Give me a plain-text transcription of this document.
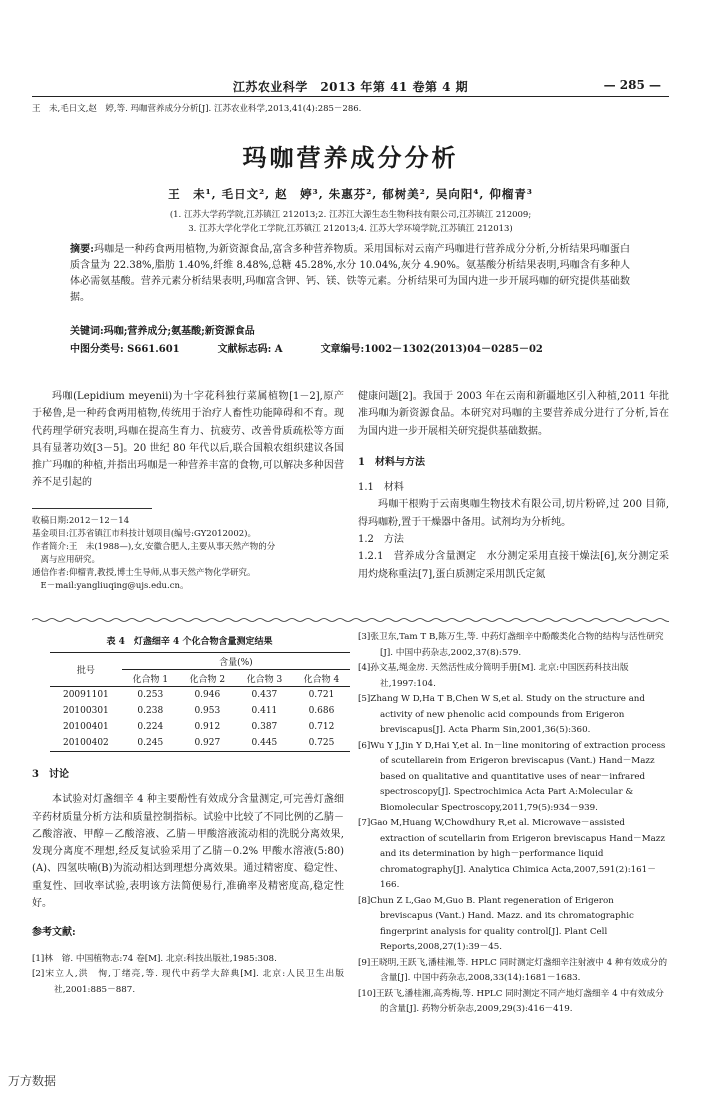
江苏农业科学　2013 年第 41 卷第 4 期	— 285 —
王　未,毛日文,赵　婷,等. 玛咖营养成分分析[J]. 江苏农业科学,2013,41(4):285－286.
玛咖营养成分分析
王　未¹, 毛日文², 赵　婷³, 朱惠芬², 郁树美², 吴向阳⁴, 仰榴青³
(1. 江苏大学药学院,江苏镇江 212013;2. 江苏江大源生态生物科技有限公司,江苏镇江 212009;
3. 江苏大学化学化工学院,江苏镇江 212013;4. 江苏大学环境学院,江苏镇江 212013)
摘要:玛咖是一种药食两用植物,为新资源食品,富含多种营养物质。采用国标对云南产玛咖进行营养成分分析,分析结果玛咖蛋白质含量为 22.38%,脂肪 1.40%,纤维 8.48%,总糖 45.28%,水分 10.04%,灰分 4.90%。氨基酸分析结果表明,玛咖含有多种人体必需氨基酸。营养元素分析结果表明,玛咖富含钾、钙、镁、铁等元素。分析结果可为国内进一步开展玛咖的研究提供基础数据。
关键词:玛咖;营养成分;氨基酸;新资源食品
中图分类号: S661.601	文献标志码: A	文章编号:1002－1302(2013)04－0285－02

玛咖(Lepidium meyenii)为十字花科独行菜属植物[1－2],原产于秘鲁,是一种药食两用植物,传统用于治疗人畜性功能障碍和不育。现代药理学研究表明,玛咖在提高生育力、抗疲劳、改善骨质疏松等方面具有显著功效[3－5]。20 世纪 80 年代以后,联合国粮农组织建议各国推广玛咖的种植,并指出玛咖是一种营养丰富的食物,可以解决多种因营养不足引起的

收稿日期:2012－12－14
基金项目:江苏省镇江市科技计划项目(编号:GY2012002)。
作者简介:王　未(1988—),女,安徽合肥人,主要从事天然产物的分
　离与应用研究。
通信作者:仰榴青,教授,博士生导师,从事天然产物化学研究。
　E－mail:yangliuqing@ujs.edu.cn。
健康问题[2]。我国于 2003 年在云南和新疆地区引入种植,2011 年批准玛咖为新资源食品。本研究对玛咖的主要营养成分进行了分析,旨在为国内进一步开展相关研究提供基础数据。
1　材料与方法
1.1　材料

玛咖干根购于云南奥咖生物技术有限公司,切片粉碎,过 200 目筛,得玛咖粉,置于干燥器中备用。试剂均为分析纯。

1.2　方法
1.2.1　营养成分含量测定　水分测定采用直接干燥法[6],灰分测定采用灼烧称重法[7],蛋白质测定采用凯氏定氮
表 4　灯盏细辛 4 个化合物含量测定结果
批号	含量(%)			
	化合物 1	化合物 2	化合物 3	化合物 4
20091101	0.253	0.946	0.437	0.721
20100301	0.238	0.953	0.411	0.686
20100401	0.224	0.912	0.387	0.712
20100402	0.245	0.927	0.445	0.725
3　讨论

本试验对灯盏细辛 4 种主要酚性有效成分含量测定,可完善灯盏细辛药材质量分析方法和质量控制指标。试验中比较了不同比例的乙腈－乙酸溶液、甲醇－乙酸溶液、乙腈－甲酸溶液流动相的洗脱分离效果,发现分离度不理想,经反复试验采用了乙腈－0.2% 甲酸水溶液(5:80)(A)、四氢呋喃(B)为流动相达到理想分离效果。通过精密度、稳定性、重复性、回收率试验,表明该方法简便易行,准确率及精密度高,稳定性好。

参考文献:
[1]林　镕. 中国植物志:74 卷[M]. 北京:科技出版社,1985:308.
[2]宋立人,洪　恂,丁绪亮,等. 现代中药学大辞典[M]. 北京:人民卫生出版社,2001:885－887.
[3]张卫东,Tam T B,陈万生,等. 中药灯盏细辛中酚酸类化合物的结构与活性研究[J]. 中国中药杂志,2002,37(8):579.
[4]孙文基,绳金房. 天然活性成分简明手册[M]. 北京:中国医药科技出版社,1997:104.
[5]Zhang W D,Ha T B,Chen W S,et al. Study on the structure and activity of new phenolic acid compounds from Erigeron breviscapus[J]. Acta Pharm Sin,2001,36(5):360.
[6]Wu Y J,Jin Y D,Hai Y,et al. In－line monitoring of extraction process of scutellarein from Erigeron breviscapus (Vant.) Hand－Mazz based on qualitative and quantitative uses of near－infrared spectroscopy[J]. Spectrochimica Acta Part A:Molecular & Biomolecular Spectroscopy,2011,79(5):934－939.
[7]Gao M,Huang W,Chowdhury R,et al. Microwave－assisted extraction of scutellarin from Erigeron breviscapus Hand－Mazz and its determination by high－performance liquid chromatography[J]. Analytica Chimica Acta,2007,591(2):161－166.
[8]Chun Z L,Gao M,Guo B. Plant regeneration of Erigeron breviscapus (Vant.) Hand. Mazz. and its chromatographic fingerprint analysis for quality control[J]. Plant Cell Reports,2008,27(1):39－45.
[9]王晓明,王跃飞,潘桂湘,等. HPLC 同时测定灯盏细辛注射液中 4 种有效成分的含量[J]. 中国中药杂志,2008,33(14):1681－1683.
[10]王跃飞,潘桂湘,高秀梅,等. HPLC 同时测定不同产地灯盏细辛 4 中有效成分的含量[J]. 药物分析杂志,2009,29(3):416－419.
万方数据
